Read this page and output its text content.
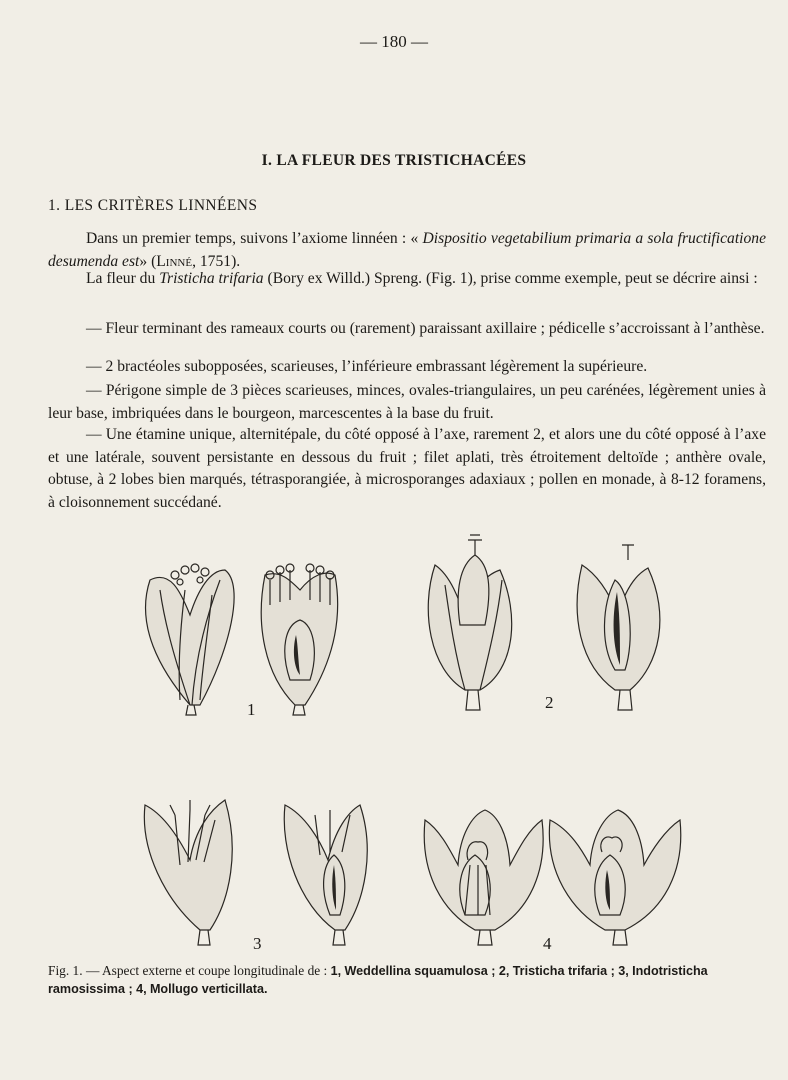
— 180 —
I. LA FLEUR DES TRISTICHACÉES
1. LES CRITÈRES LINNÉENS
Dans un premier temps, suivons l’axiome linnéen : « Dispositio vegetabilium primaria a sola fructificatione desumenda est» (Linné, 1751).
La fleur du Tristicha trifaria (Bory ex Willd.) Spreng. (Fig. 1), prise comme exemple, peut se décrire ainsi :
— Fleur terminant des rameaux courts ou (rarement) paraissant axillaire ; pédicelle s’accroissant à l’anthèse.
— 2 bractéoles subopposées, scarieuses, l’inférieure embrassant légèrement la supérieure.
— Périgone simple de 3 pièces scarieuses, minces, ovales-triangulaires, un peu carénées, légèrement unies à leur base, imbriquées dans le bourgeon, marcescentes à la base du fruit.
— Une étamine unique, alternitépale, du côté opposé à l’axe, rarement 2, et alors une du côté opposé à l’axe et une latérale, souvent persistante en dessous du fruit ; filet aplati, très étroitement deltoïde ; anthère ovale, obtuse, à 2 lobes bien marqués, tétrasporangiée, à microsporanges adaxiaux ; pollen en monade, à 8-12 foramens, à cloisonnement succédané.
1	2
3	4
Fig. 1. — Aspect externe et coupe longitudinale de : 1, Weddellina squamulosa ; 2, Tristicha trifaria ; 3, Indotristicha ramosissima ; 4, Mollugo verticillata.
